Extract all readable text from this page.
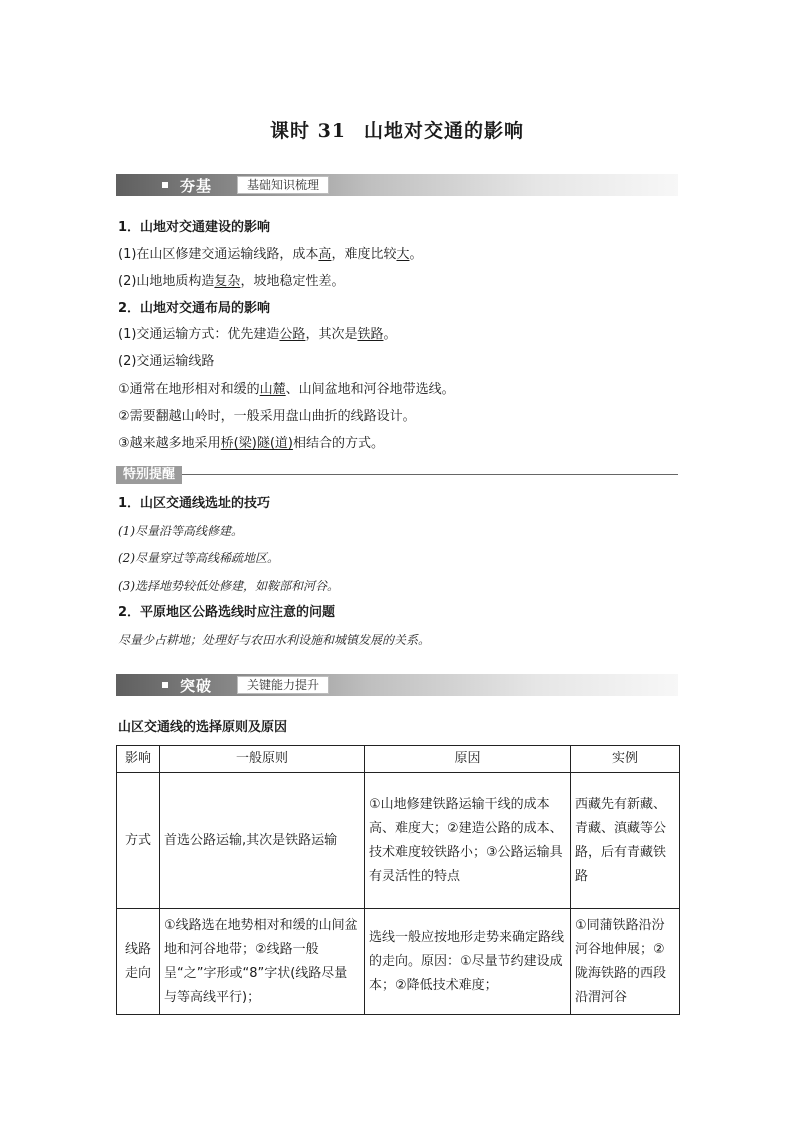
课时 31 山地对交通的影响
夯基	基础知识梳理
1．山地对交通建设的影响
(1)在山区修建交通运输线路，成本高，难度比较大。
(2)山地地质构造复杂，坡地稳定性差。
2．山地对交通布局的影响
(1)交通运输方式：优先建造公路，其次是铁路。
(2)交通运输线路
①通常在地形相对和缓的山麓、山间盆地和河谷地带选线。
②需要翻越山岭时，一般采用盘山曲折的线路设计。
③越来越多地采用桥(梁)隧(道)相结合的方式。
特别提醒
1．山区交通线选址的技巧
(1)尽量沿等高线修建。
(2)尽量穿过等高线稀疏地区。
(3)选择地势较低处修建，如鞍部和河谷。
2．平原地区公路选线时应注意的问题
尽量少占耕地；处理好与农田水利设施和城镇发展的关系。
突破	关键能力提升
山区交通线的选择原则及原因
影响	一般原则	原因	实例
方式	首选公路运输,其次是铁路运输	①山地修建铁路运输干线的成本高、难度大；②建造公路的成本、技术难度较铁路小；③公路运输具有灵活性的特点	西藏先有新藏、青藏、滇藏等公路，后有青藏铁路
线路走向	①线路选在地势相对和缓的山间盆地和河谷地带；②线路一般呈“之”字形或“8”字状(线路尽量与等高线平行)；	选线一般应按地形走势来确定路线的走向。原因：①尽量节约建设成本；②降低技术难度；	①同蒲铁路沿汾河谷地伸展；②陇海铁路的西段沿渭河谷
